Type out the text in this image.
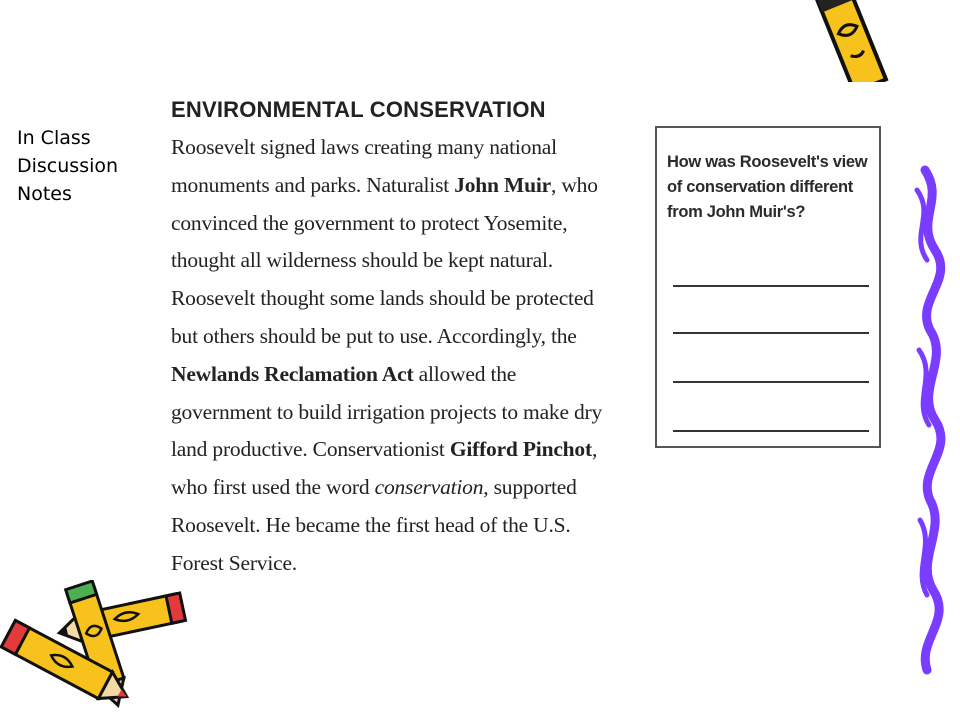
In Class
Discussion
Notes
ENVIRONMENTAL CONSERVATION
Roosevelt signed laws creating many national monuments and parks. Naturalist John Muir, who convinced the government to protect Yosemite, thought all wilderness should be kept natural. Roosevelt thought some lands should be protected but others should be put to use. Accordingly, the Newlands Reclamation Act allowed the government to build irrigation projects to make dry land productive. Conservationist Gifford Pinchot, who first used the word conservation, supported Roosevelt. He became the first head of the U.S. Forest Service.
How was Roosevelt's view of conservation different from John Muir's?
